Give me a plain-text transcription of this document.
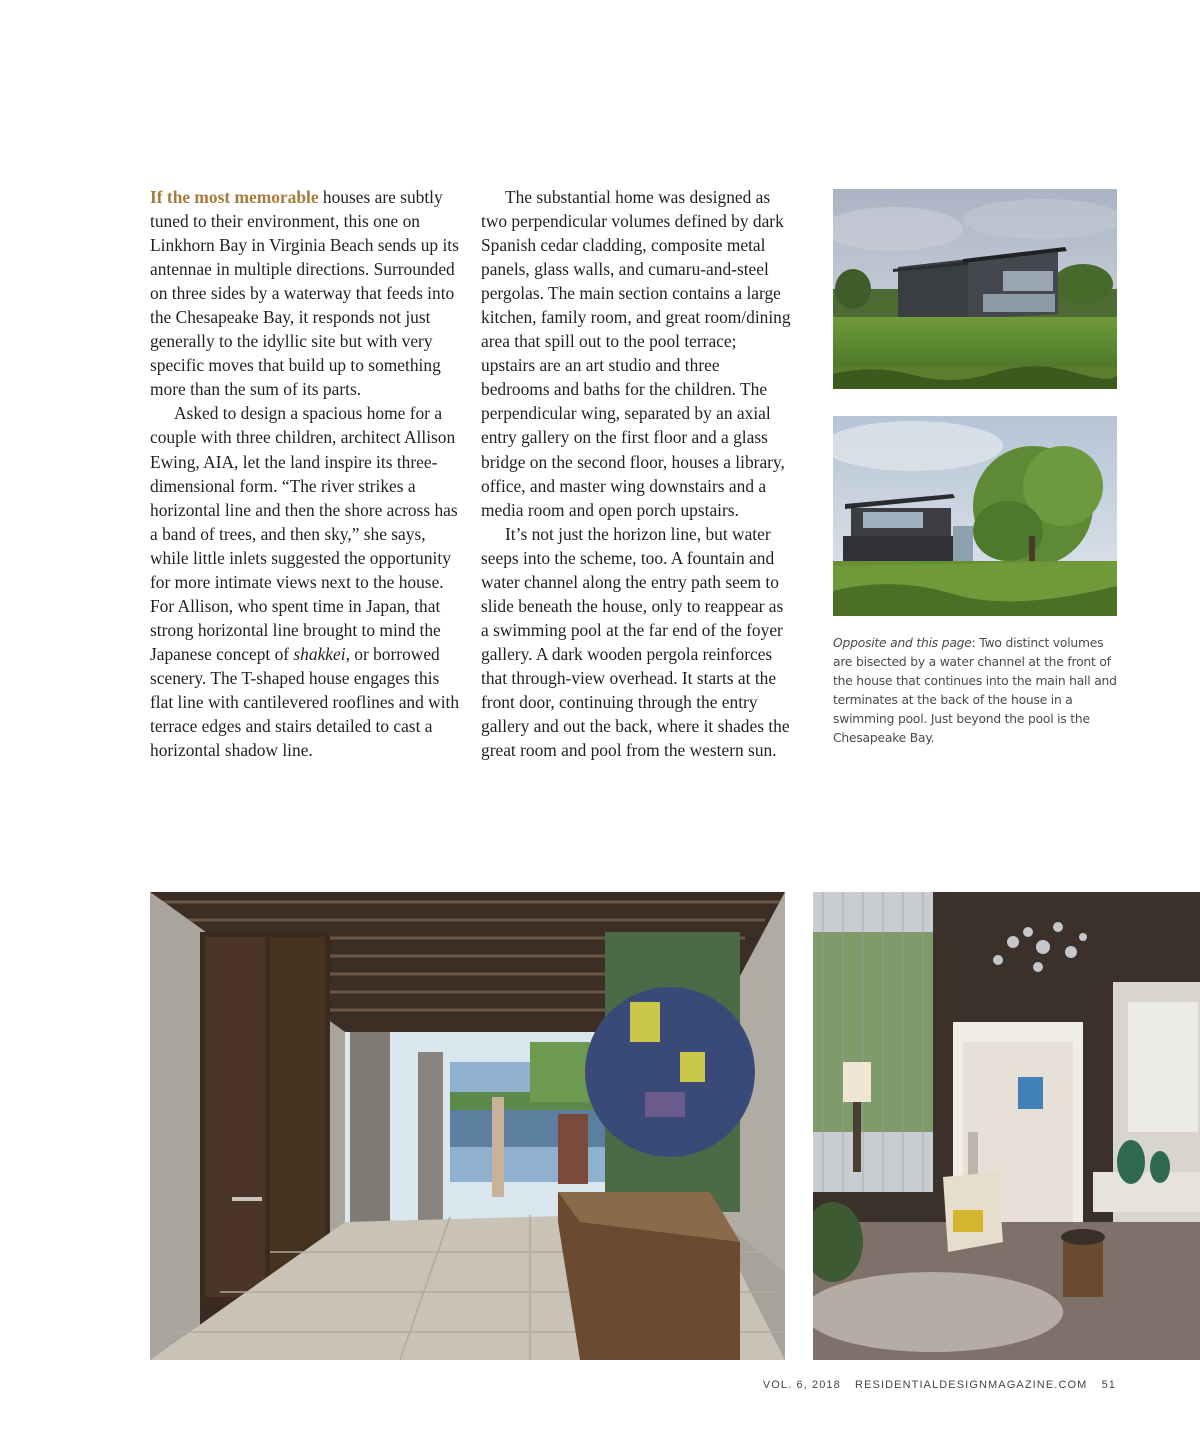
If the most memorable houses are subtly tuned to their environment, this one on Linkhorn Bay in Virginia Beach sends up its antennae in multiple directions. Surrounded on three sides by a waterway that feeds into the Chesapeake Bay, it responds not just generally to the idyllic site but with very specific moves that build up to something more than the sum of its parts.

Asked to design a spacious home for a couple with three children, architect Allison Ewing, AIA, let the land inspire its three-dimensional form. “The river strikes a horizontal line and then the shore across has a band of trees, and then sky,” she says, while little inlets suggested the opportunity for more intimate views next to the house. For Allison, who spent time in Japan, that strong horizontal line brought to mind the Japanese concept of shakkei, or borrowed scenery. The T-shaped house engages this flat line with cantilevered rooflines and with terrace edges and stairs detailed to cast a horizontal shadow line.

The substantial home was designed as two perpendicular volumes defined by dark Spanish cedar cladding, composite metal panels, glass walls, and cumaru-and-steel pergolas. The main section contains a large kitchen, family room, and great room/dining area that spill out to the pool terrace; upstairs are an art studio and three bedrooms and baths for the children. The perpendicular wing, separated by an axial entry gallery on the first floor and a glass bridge on the second floor, houses a library, office, and master wing downstairs and a media room and open porch upstairs.

It’s not just the horizon line, but water seeps into the scheme, too. A fountain and water channel along the entry path seem to slide beneath the house, only to reappear as a swimming pool at the far end of the foyer gallery. A dark wooden pergola reinforces that through-view overhead. It starts at the front door, continuing through the entry gallery and out the back, where it shades the great room and pool from the western sun.

Opposite and this page: Two distinct volumes are bisected by a water channel at the front of the house that continues into the main hall and terminates at the back of the house in a swimming pool. Just beyond the pool is the Chesapeake Bay.
VOL. 6, 2018 RESIDENTIALDESIGNMAGAZINE.COM 51
